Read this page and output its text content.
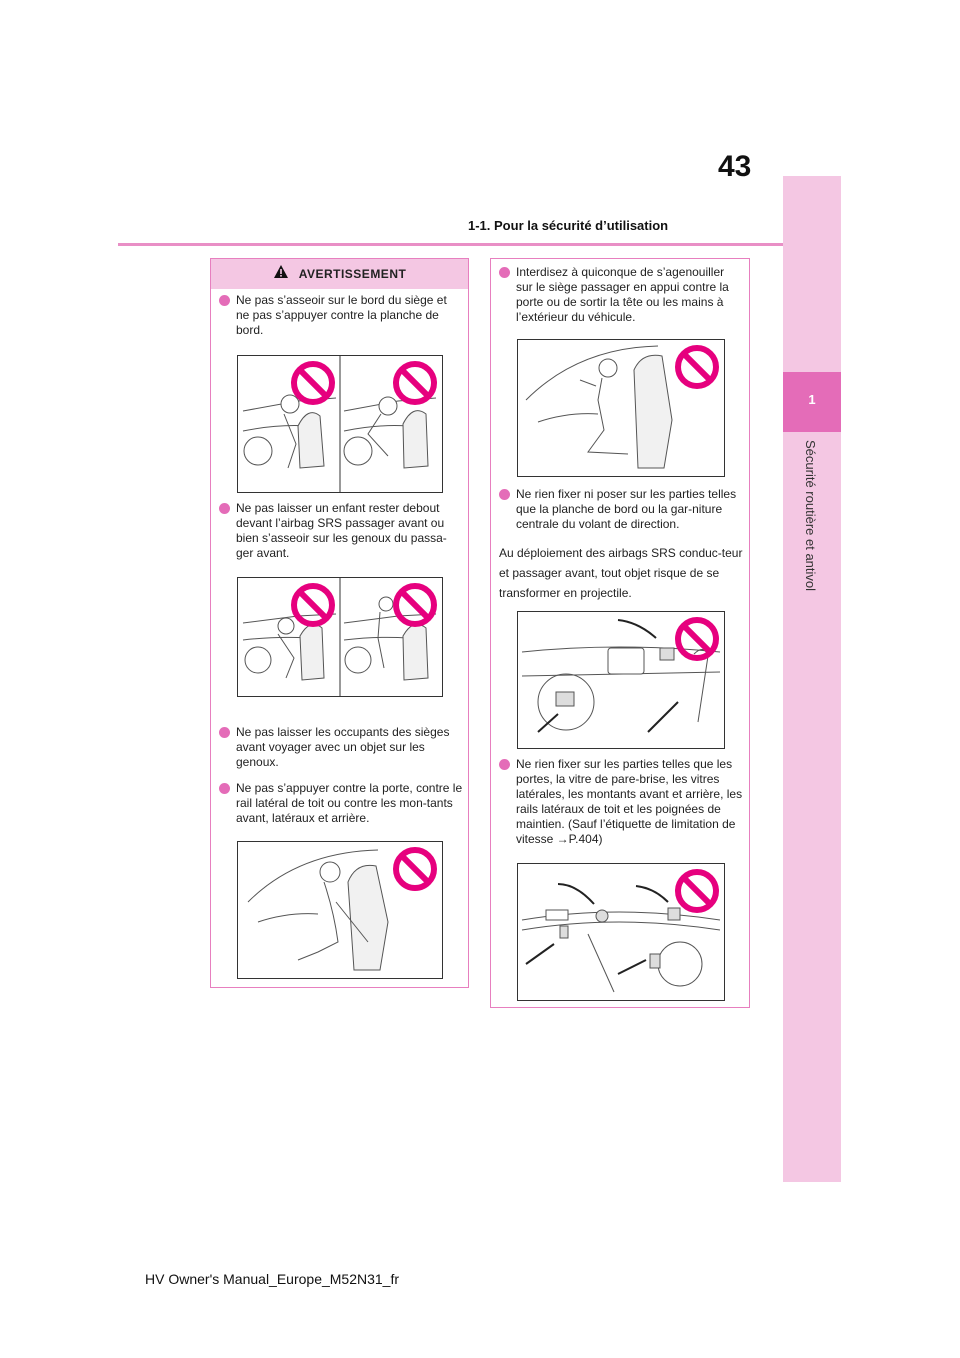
43
1-1. Pour la sécurité d’utilisation
1
Sécurité routière et antivol
AVERTISSEMENT
Ne pas s’asseoir sur le bord du siège et ne pas s’appuyer contre la planche de bord.
Ne pas laisser un enfant rester debout devant l’airbag SRS passager avant ou bien s’asseoir sur les genoux du passa-ger avant.
Ne pas laisser les occupants des sièges avant voyager avec un objet sur les genoux.
Ne pas s’appuyer contre la porte, contre le rail latéral de toit ou contre les mon-tants avant, latéraux et arrière.
Interdisez à quiconque de s’agenouiller sur le siège passager en appui contre la porte ou de sortir la tête ou les mains à l’extérieur du véhicule.
Ne rien fixer ni poser sur les parties telles que la planche de bord ou la gar-niture centrale du volant de direction.
Au déploiement des airbags SRS conduc-teur et passager avant, tout objet risque de se transformer en projectile.
Ne rien fixer sur les parties telles que les portes, la vitre de pare-brise, les vitres latérales, les montants avant et arrière, les rails latéraux de toit et les poignées de maintien. (Sauf l’étiquette de limitation de vitesse →P.404)
HV Owner's Manual_Europe_M52N31_fr
